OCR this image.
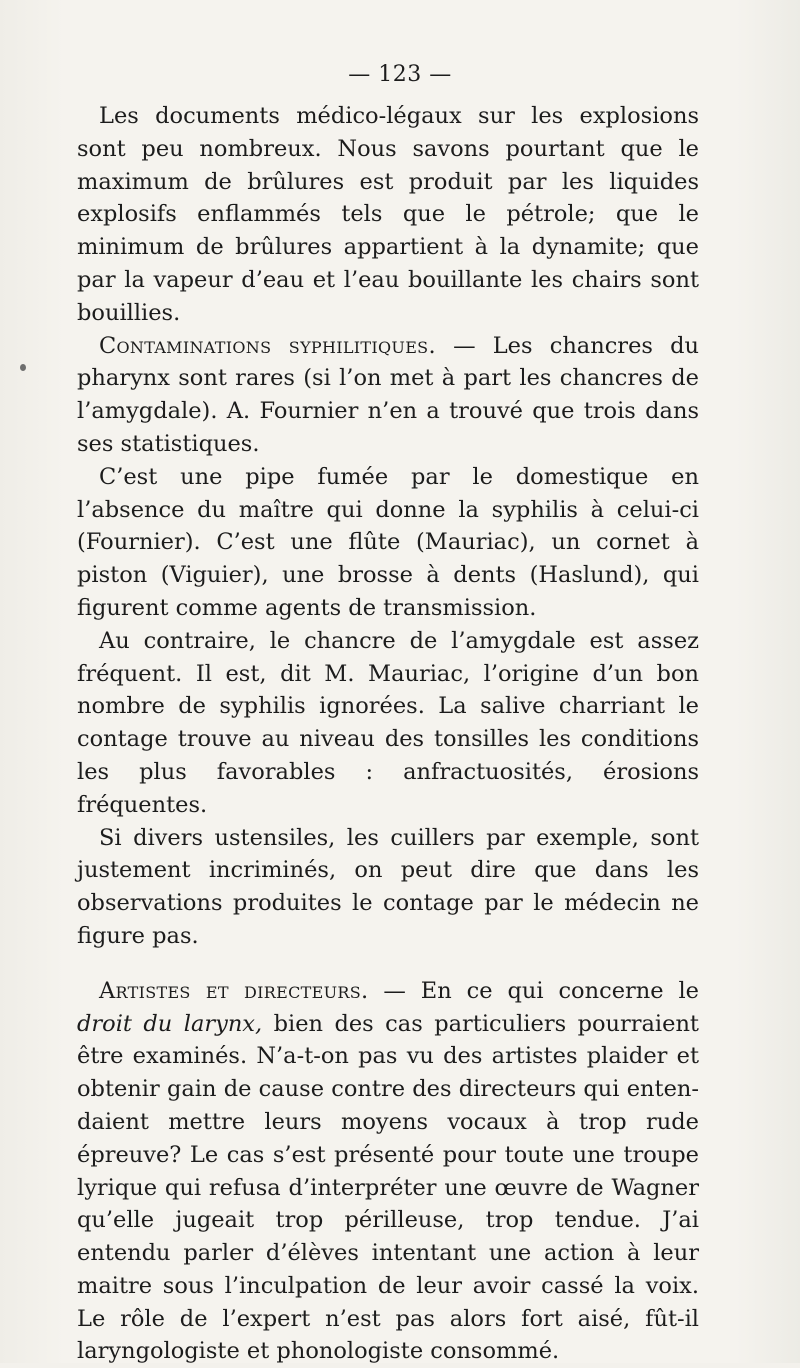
— 123 —

Les documents médico-légaux sur les explosions sont peu nombreux. Nous savons pourtant que le maximum de brûlures est produit par les liquides explosifs enflammés tels que le pétrole; que le minimum de brûlures appartient à la dynamite; que par la vapeur d’eau et l’eau bouillante les chairs sont bouillies.

Contaminations syphilitiques. — Les chancres du pharynx sont rares (si l’on met à part les chancres de l’amygdale). A. Fournier n’en a trouvé que trois dans ses statistiques.

C’est une pipe fumée par le domestique en l’absence du maître qui donne la syphilis à celui-ci (Fournier). C’est une flûte (Mauriac), un cornet à piston (Viguier), une brosse à dents (Haslund), qui figurent comme agents de transmission.

Au contraire, le chancre de l’amygdale est assez fréquent. Il est, dit M. Mauriac, l’origine d’un bon nombre de syphilis ignorées. La salive charriant le contage trouve au niveau des tonsilles les conditions les plus favorables : anfractuosités, érosions fréquentes.

Si divers ustensiles, les cuillers par exemple, sont justement incriminés, on peut dire que dans les observations produites le contage par le médecin ne figure pas.

Artistes et directeurs. — En ce qui concerne le droit du larynx, bien des cas particuliers pourraient être examinés. N’a-t-on pas vu des artistes plaider et obtenir gain de cause contre des directeurs qui entendaient mettre leurs moyens vocaux à trop rude épreuve? Le cas s’est présenté pour toute une troupe lyrique qui refusa d’interpréter une œuvre de Wagner qu’elle jugeait trop périlleuse, trop tendue. J’ai entendu parler d’élèves intentant une action à leur maitre sous l’inculpation de leur avoir cassé la voix. Le rôle de l’expert n’est pas alors fort aisé, fût-il laryngologiste et phonologiste consommé.
